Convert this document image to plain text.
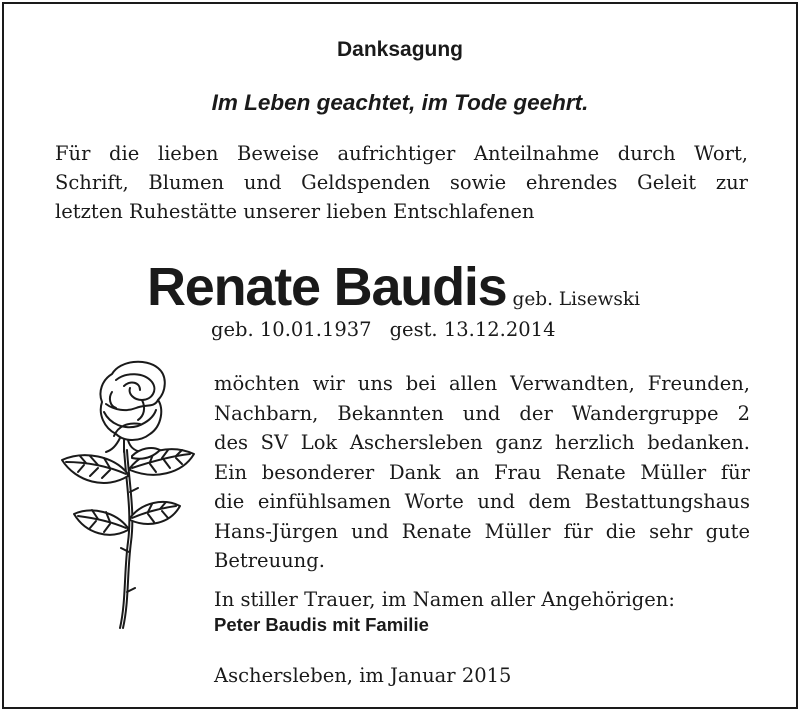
Danksagung

Im Leben geachtet, im Tode geehrt.

Für die lieben Beweise aufrichtiger Anteilnahme durch Wort,
Schrift, Blumen und Geldspenden sowie ehrendes Geleit zur
letzten Ruhestätte unserer lieben Entschlafenen

Renate Baudis geb. Lisewski

geb. 10.01.1937 gest. 13.12.2014

möchten wir uns bei allen Verwandten, Freunden,
Nachbarn, Bekannten und der Wandergruppe 2
des SV Lok Aschersleben ganz herzlich bedanken.
Ein besonderer Dank an Frau Renate Müller für
die einfühlsamen Worte und dem Bestattungshaus
Hans-Jürgen und Renate Müller für die sehr gute
Betreuung.

In stiller Trauer, im Namen aller Angehörigen:

Peter Baudis mit Familie

Aschersleben, im Januar 2015
